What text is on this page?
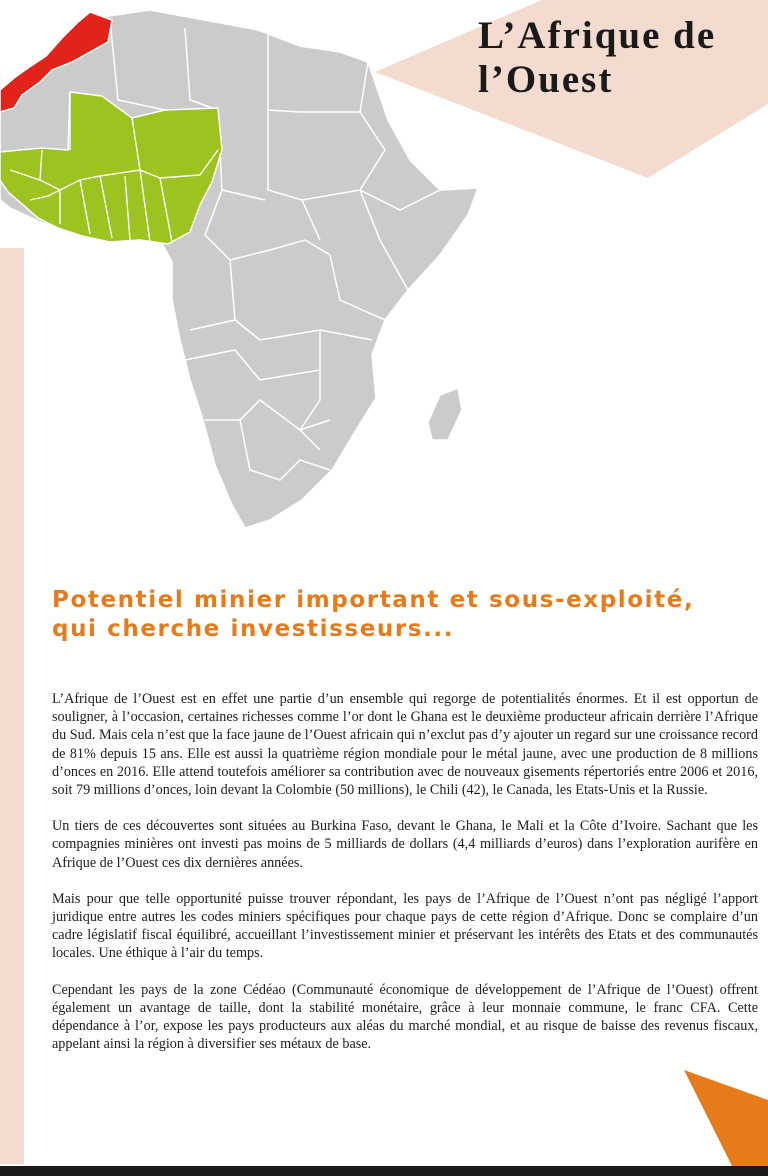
L’Afrique de
l’Ouest
Potentiel minier important et sous-exploité,
qui cherche investisseurs...

L’Afrique de l’Ouest est en effet une partie d’un ensemble qui regorge de potentialités énormes. Et il est opportun de souligner, à l’occasion, certaines richesses comme l’or dont le Ghana est le deuxième producteur africain derrière l’Afrique du Sud. Mais cela n’est que la face jaune de l’Ouest africain qui n’exclut pas d’y ajouter un regard sur une croissance record de 81% depuis 15 ans. Elle est aussi la quatrième région mondiale pour le métal jaune, avec une production de 8 millions d’onces en 2016. Elle attend toutefois améliorer sa contribution avec de nouveaux gisements répertoriés entre 2006 et 2016, soit 79 millions d’onces, loin devant la Colombie (50 millions), le Chili (42), le Canada, les Etats-Unis et la Russie.

Un tiers de ces découvertes sont situées au Burkina Faso, devant le Ghana, le Mali et la Côte d’Ivoire. Sachant que les compagnies minières ont investi pas moins de 5 milliards de dollars (4,4 milliards d’euros) dans l’exploration aurifère en Afrique de l’Ouest ces dix dernières années.

Mais pour que telle opportunité puisse trouver répondant, les pays de l’Afrique de l’Ouest n’ont pas négligé l’apport juridique entre autres les codes miniers spécifiques pour chaque pays de cette région d’Afrique. Donc se complaire d’un cadre législatif fiscal équilibré, accueillant l’investissement minier et préservant les intérêts des Etats et des communautés locales. Une éthique à l’air du temps.

Cependant les pays de la zone Cédéao (Communauté économique de développement de l’Afrique de l’Ouest) offrent également un avantage de taille, dont la stabilité monétaire, grâce à leur monnaie commune, le franc CFA. Cette dépendance à l’or, expose les pays producteurs aux aléas du marché mondial, et au risque de baisse des revenus fiscaux, appelant ainsi la région à diversifier ses métaux de base.
